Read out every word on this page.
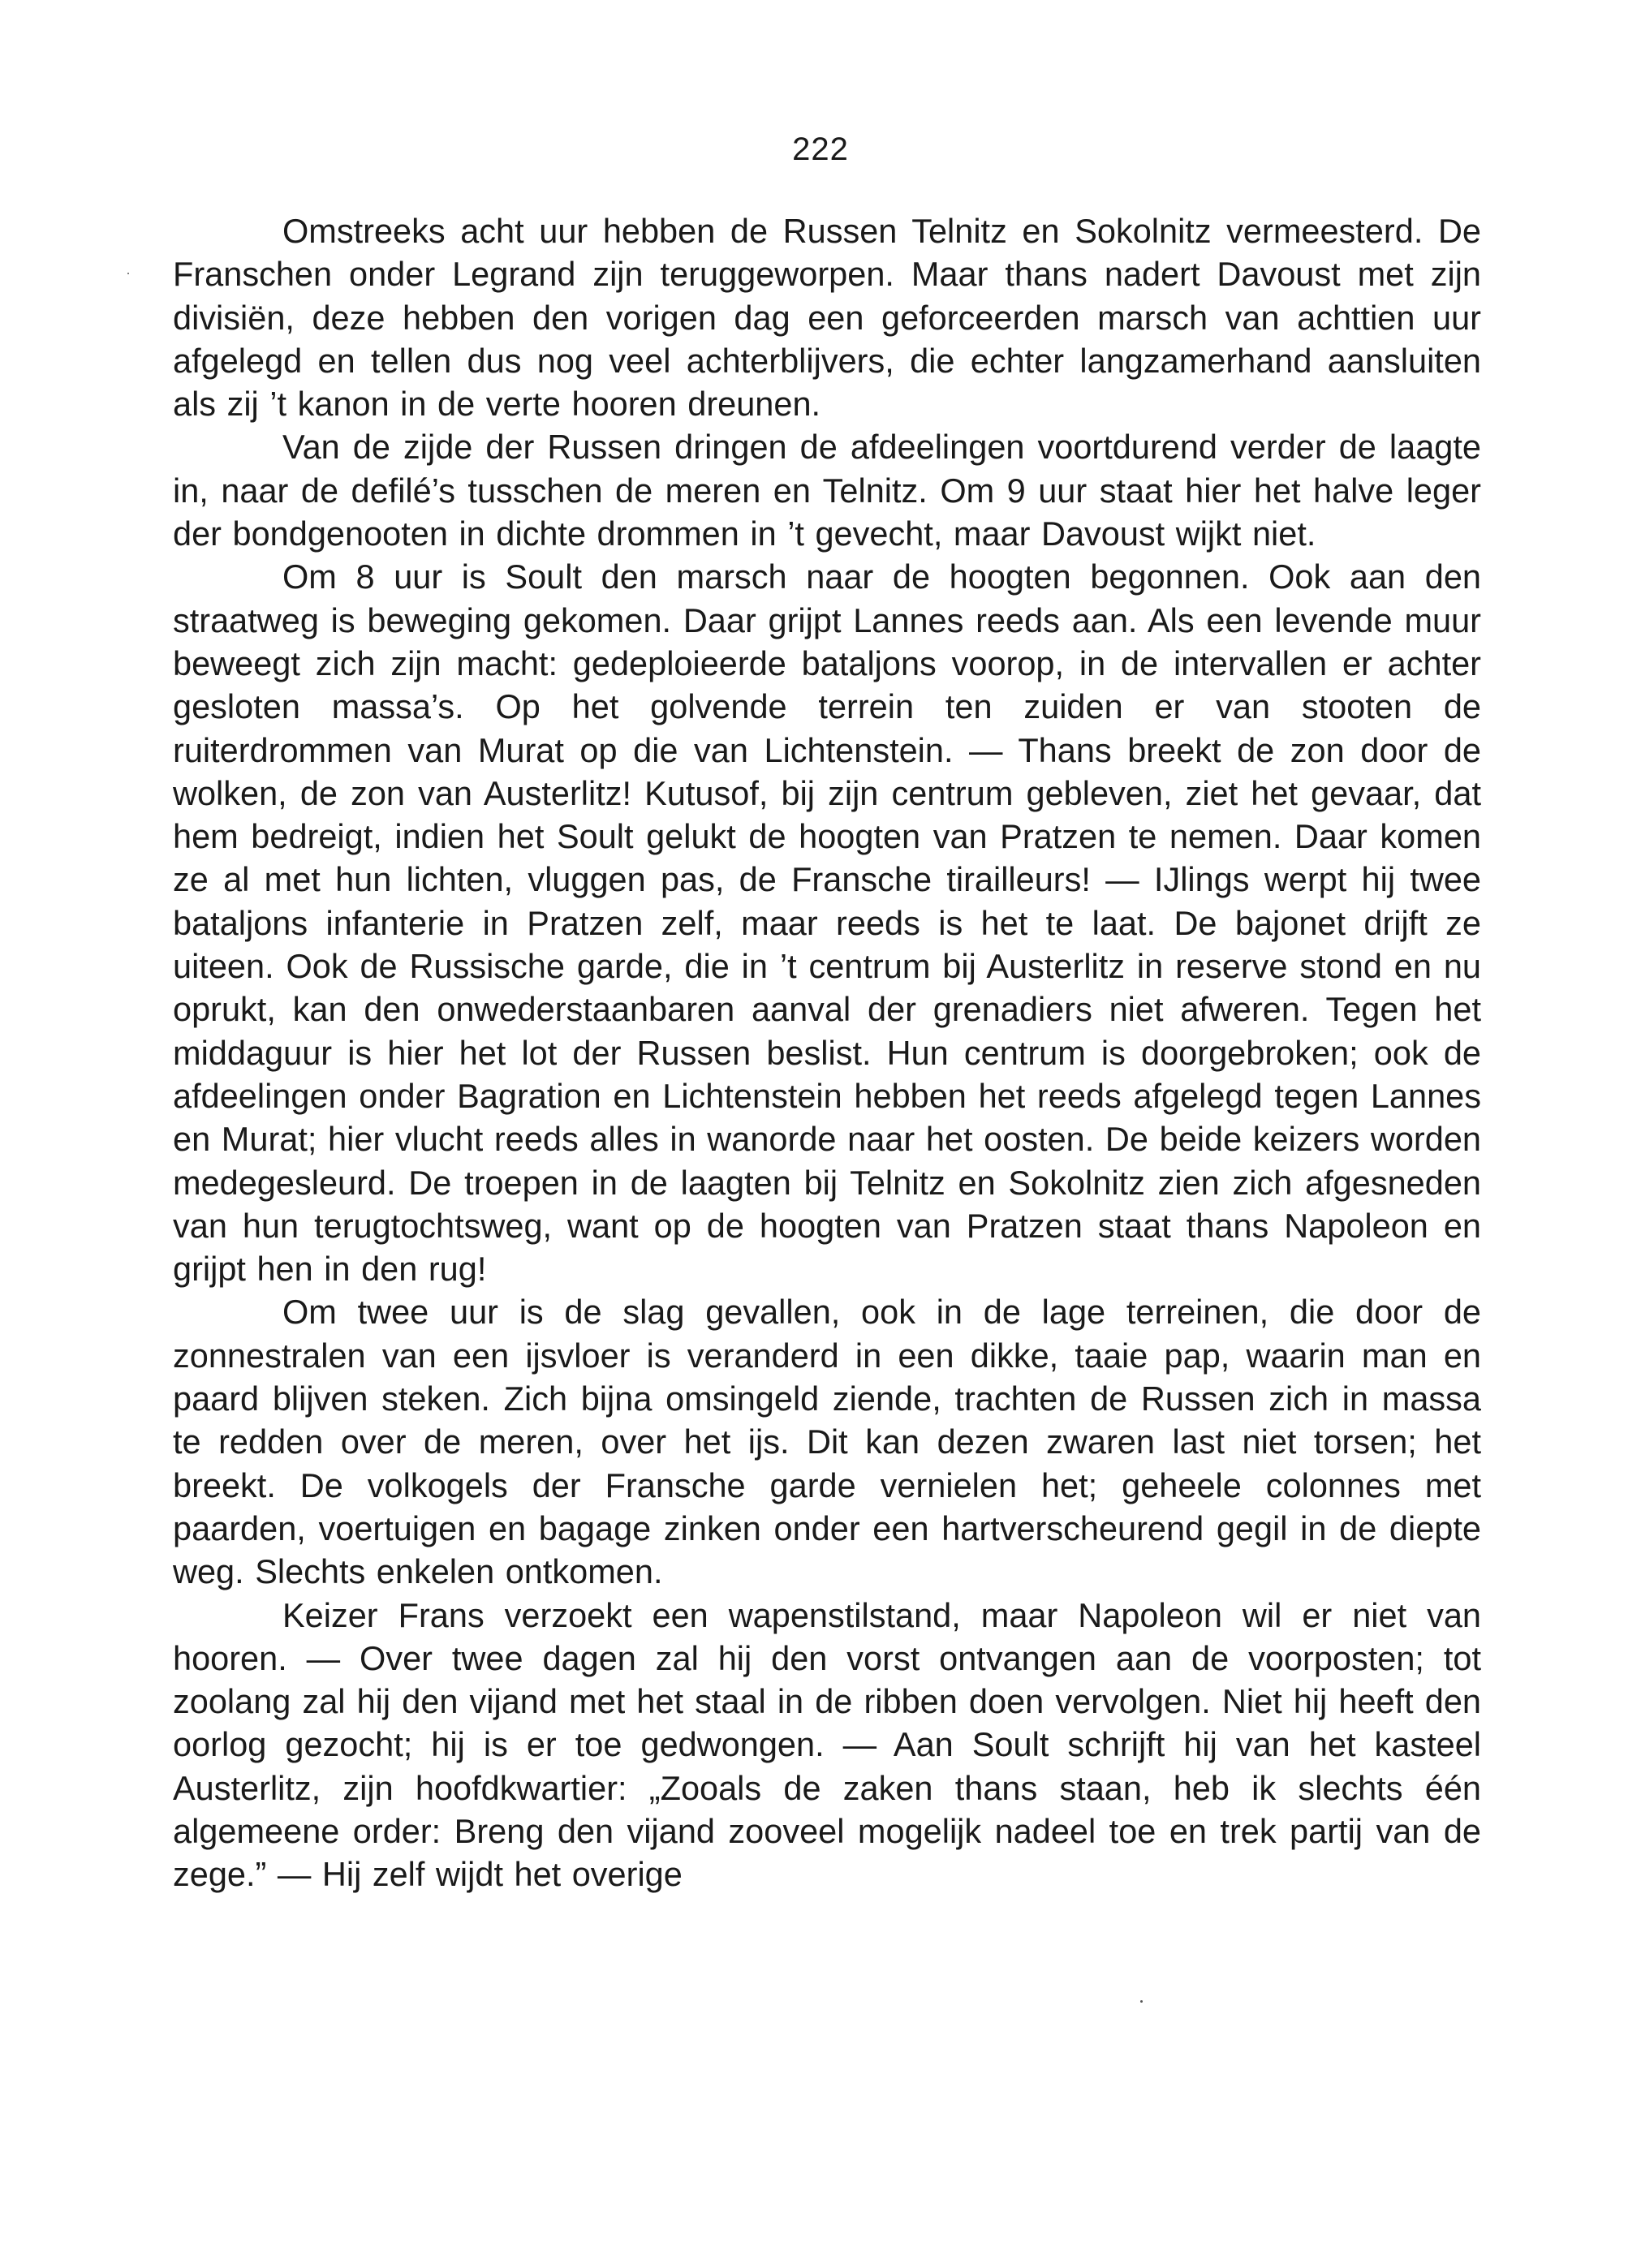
222

Omstreeks acht uur hebben de Russen Telnitz en Sokolnitz vermeesterd. De Franschen onder Legrand zijn teruggeworpen. Maar thans nadert Davoust met zijn divisiën, deze hebben den vorigen dag een geforceerden marsch van achttien uur afgelegd en tellen dus nog veel achterblijvers, die echter langzamerhand aansluiten als zij ’t kanon in de verte hooren dreunen.

Van de zijde der Russen dringen de afdeelingen voortdurend verder de laagte in, naar de defilé’s tusschen de meren en Telnitz. Om 9 uur staat hier het halve leger der bondgenooten in dichte drommen in ’t gevecht, maar Davoust wijkt niet.

Om 8 uur is Soult den marsch naar de hoogten begonnen. Ook aan den straatweg is beweging gekomen. Daar grijpt Lannes reeds aan. Als een levende muur beweegt zich zijn macht: gedeploieerde bataljons voorop, in de intervallen er achter gesloten massa’s. Op het golvende terrein ten zuiden er van stooten de ruiterdrommen van Murat op die van Lichtenstein. — Thans breekt de zon door de wolken, de zon van Austerlitz! Kutusof, bij zijn centrum gebleven, ziet het gevaar, dat hem bedreigt, indien het Soult gelukt de hoogten van Pratzen te nemen. Daar komen ze al met hun lichten, vluggen pas, de Fransche tirailleurs! — IJlings werpt hij twee bataljons infanterie in Pratzen zelf, maar reeds is het te laat. De bajonet drijft ze uiteen. Ook de Russische garde, die in ’t centrum bij Austerlitz in reserve stond en nu oprukt, kan den onwederstaanbaren aanval der grenadiers niet afweren. Tegen het middaguur is hier het lot der Russen beslist. Hun centrum is doorgebroken; ook de afdeelingen onder Bagration en Lichtenstein hebben het reeds afgelegd tegen Lannes en Murat; hier vlucht reeds alles in wanorde naar het oosten. De beide keizers worden medegesleurd. De troepen in de laagten bij Telnitz en Sokolnitz zien zich afgesneden van hun terugtochtsweg, want op de hoogten van Pratzen staat thans Napoleon en grijpt hen in den rug!

Om twee uur is de slag gevallen, ook in de lage terreinen, die door de zonnestralen van een ijsvloer is veranderd in een dikke, taaie pap, waarin man en paard blijven steken. Zich bijna omsingeld ziende, trachten de Russen zich in massa te redden over de meren, over het ijs. Dit kan dezen zwaren last niet torsen; het breekt. De volkogels der Fransche garde vernielen het; geheele colonnes met paarden, voertuigen en bagage zinken onder een hartverscheurend gegil in de diepte weg. Slechts enkelen ontkomen.

Keizer Frans verzoekt een wapenstilstand, maar Napoleon wil er niet van hooren. — Over twee dagen zal hij den vorst ontvangen aan de voorposten; tot zoolang zal hij den vijand met het staal in de ribben doen vervolgen. Niet hij heeft den oorlog gezocht; hij is er toe gedwongen. — Aan Soult schrijft hij van het kasteel Austerlitz, zijn hoofdkwartier: „Zooals de zaken thans staan, heb ik slechts één algemeene order: Breng den vijand zooveel mogelijk nadeel toe en trek partij van de zege.” — Hij zelf wijdt het overige
